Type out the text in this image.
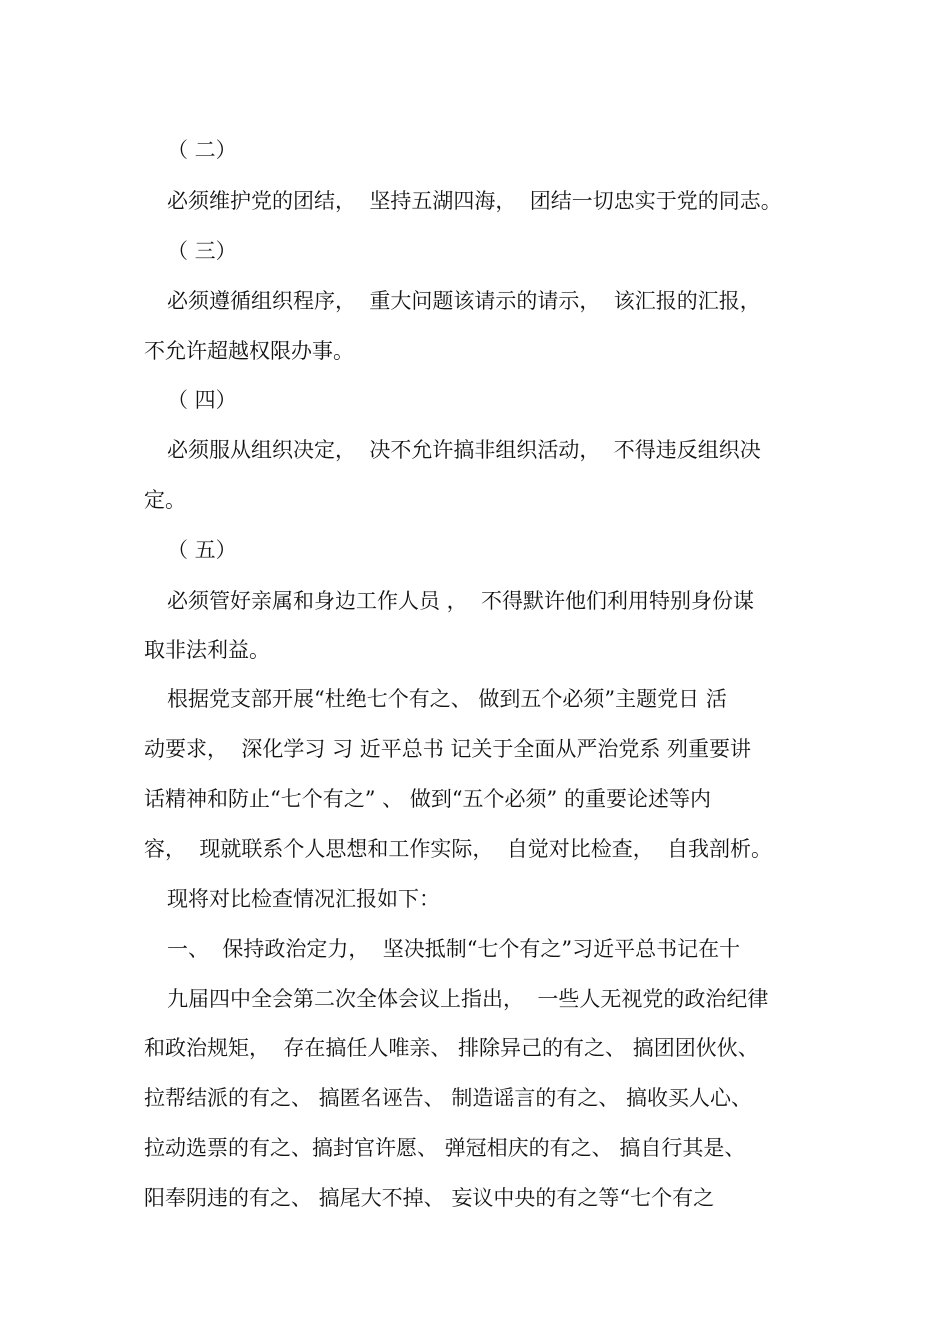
（ 二）
必须维护党的团结，  坚持五湖四海，  团结一切忠实于党的同志。
（ 三）
必须遵循组织程序，  重大问题该请示的请示，  该汇报的汇报，
不允许超越权限办事。
（ 四）
必须服从组织决定，  决不允许搞非组织活动，  不得违反组织决
定。
（ 五）
必须管好亲属和身边工作人员 ，  不得默许他们利用特别身份谋
取非法利益。
根据党支部开展“杜绝七个有之、 做到五个必须”主题党日 活
动要求，  深化学习 习 近平总书 记关于全面从严治党系 列重要讲
话精神和防止“七个有之” 、 做到“五个必须” 的重要论述等内
容，  现就联系个人思想和工作实际，  自觉对比检查，  自我剖析。
现将对比检查情况汇报如下：
一、  保持政治定力，  坚决抵制“七个有之”习近平总书记在十
九届四中全会第二次全体会议上指出，  一些人无视党的政治纪律
和政治规矩，  存在搞任人唯亲、 排除异己的有之、 搞团团伙伙、
拉帮结派的有之、 搞匿名诬告、 制造谣言的有之、 搞收买人心、
拉动选票的有之、搞封官许愿、 弹冠相庆的有之、 搞自行其是、
阳奉阴违的有之、 搞尾大不掉、 妄议中央的有之等“七个有之
